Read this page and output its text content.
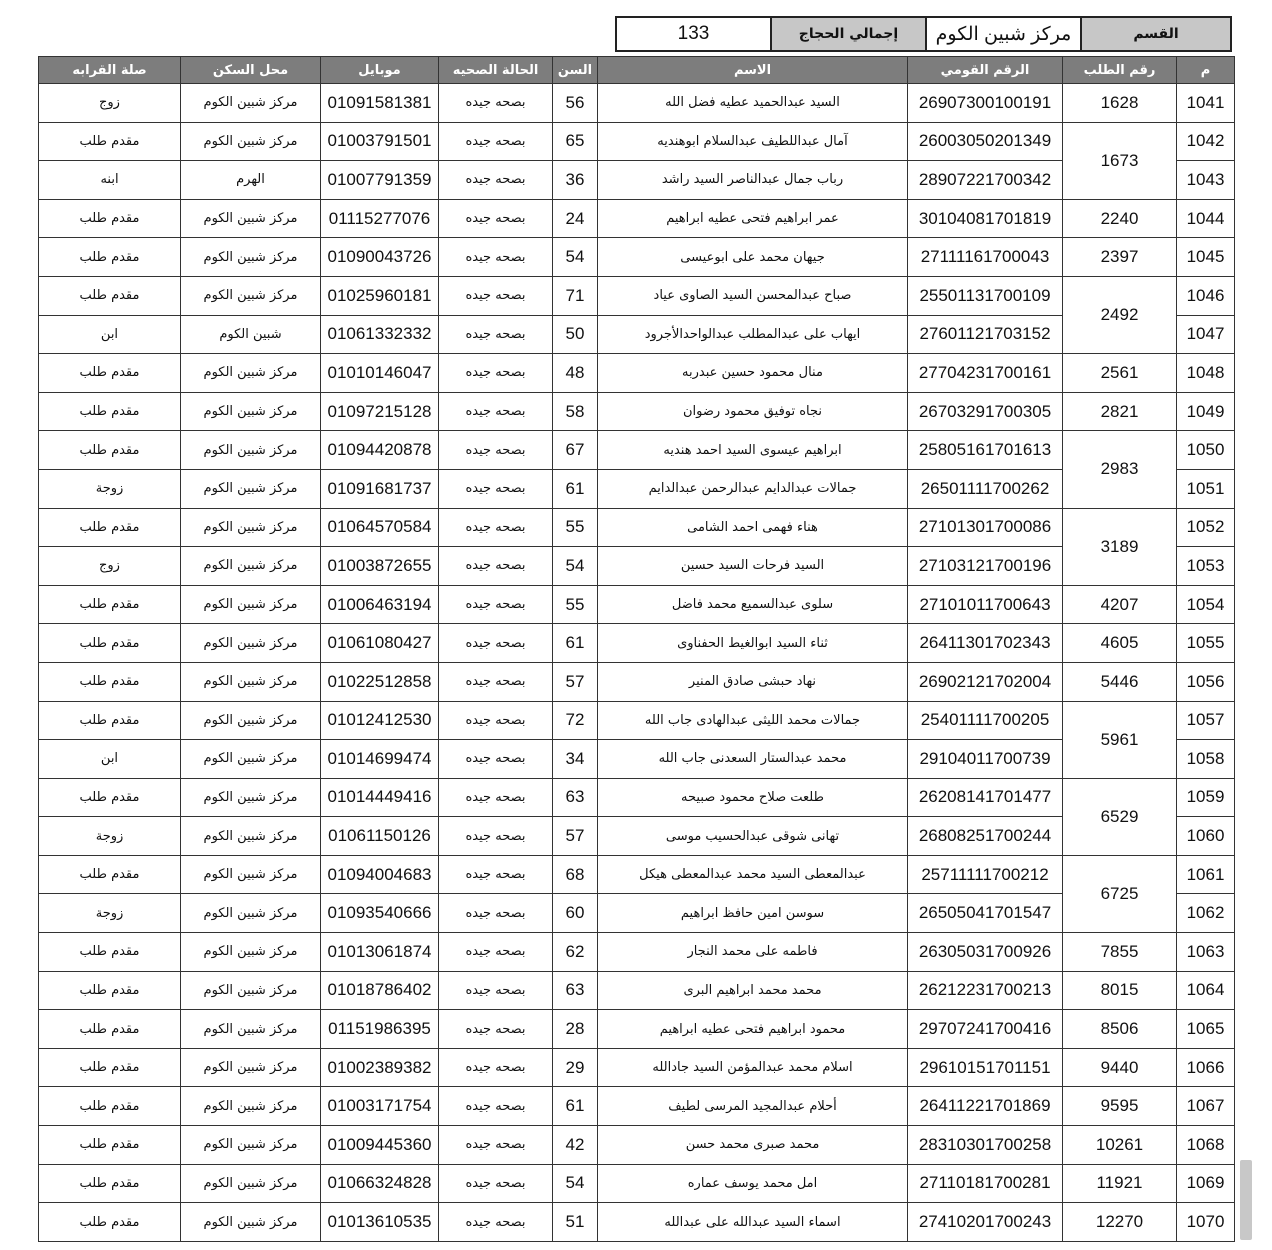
القسم	مركز شبين الكوم	إجمالي الحجاج	133
م	رقم الطلب	الرقم القومي	الاسم	السن	الحالة الصحيه	موبايل	محل السكن	صلة القرابه
1041	1628	26907300100191	السيد عبدالحميد عطيه فضل الله	56	بصحه جيده	01091581381	مركز شبين الكوم	زوج
1042	1673	26003050201349	آمال عبداللطيف عبدالسلام ابوهنديه	65	بصحه جيده	01003791501	مركز شبين الكوم	مقدم طلب
1043		28907221700342	رباب جمال عبدالناصر السيد راشد	36	بصحه جيده	01007791359	الهرم	ابنه
1044	2240	30104081701819	عمر ابراهيم فتحى عطيه ابراهيم	24	بصحه جيده	01115277076	مركز شبين الكوم	مقدم طلب
1045	2397	27111161700043	جيهان محمد على ابوعيسى	54	بصحه جيده	01090043726	مركز شبين الكوم	مقدم طلب
1046	2492	25501131700109	صباح عبدالمحسن السيد الصاوى عياد	71	بصحه جيده	01025960181	مركز شبين الكوم	مقدم طلب
1047		27601121703152	ايهاب على عبدالمطلب عبدالواحدالأجرود	50	بصحه جيده	01061332332	شبين الكوم	ابن
1048	2561	27704231700161	منال محمود حسين عبدربه	48	بصحه جيده	01010146047	مركز شبين الكوم	مقدم طلب
1049	2821	26703291700305	نجاه توفيق محمود رضوان	58	بصحه جيده	01097215128	مركز شبين الكوم	مقدم طلب
1050	2983	25805161701613	ابراهيم عيسوى السيد احمد هنديه	67	بصحه جيده	01094420878	مركز شبين الكوم	مقدم طلب
1051		26501111700262	جمالات عبدالدايم عبدالرحمن عبدالدايم	61	بصحه جيده	01091681737	مركز شبين الكوم	زوجة
1052	3189	27101301700086	هناء فهمى احمد الشامى	55	بصحه جيده	01064570584	مركز شبين الكوم	مقدم طلب
1053		27103121700196	السيد فرحات السيد حسين	54	بصحه جيده	01003872655	مركز شبين الكوم	زوج
1054	4207	27101011700643	سلوى عبدالسميع محمد فاضل	55	بصحه جيده	01006463194	مركز شبين الكوم	مقدم طلب
1055	4605	26411301702343	ثناء السيد ابوالغيط الحفناوى	61	بصحه جيده	01061080427	مركز شبين الكوم	مقدم طلب
1056	5446	26902121702004	نهاد حبشى صادق المنير	57	بصحه جيده	01022512858	مركز شبين الكوم	مقدم طلب
1057	5961	25401111700205	جمالات محمد الليثى عبدالهادى جاب الله	72	بصحه جيده	01012412530	مركز شبين الكوم	مقدم طلب
1058		29104011700739	محمد عبدالستار السعدنى جاب الله	34	بصحه جيده	01014699474	مركز شبين الكوم	ابن
1059	6529	26208141701477	طلعت صلاح محمود صبيحه	63	بصحه جيده	01014449416	مركز شبين الكوم	مقدم طلب
1060		26808251700244	تهانى شوقى عبدالحسيب موسى	57	بصحه جيده	01061150126	مركز شبين الكوم	زوجة
1061	6725	25711111700212	عبدالمعطى السيد محمد عبدالمعطى هيكل	68	بصحه جيده	01094004683	مركز شبين الكوم	مقدم طلب
1062		26505041701547	سوسن امين حافظ ابراهيم	60	بصحه جيده	01093540666	مركز شبين الكوم	زوجة
1063	7855	26305031700926	فاطمه على محمد النجار	62	بصحه جيده	01013061874	مركز شبين الكوم	مقدم طلب
1064	8015	26212231700213	محمد محمد ابراهيم البرى	63	بصحه جيده	01018786402	مركز شبين الكوم	مقدم طلب
1065	8506	29707241700416	محمود ابراهيم فتحى عطيه ابراهيم	28	بصحه جيده	01151986395	مركز شبين الكوم	مقدم طلب
1066	9440	29610151701151	اسلام محمد عبدالمؤمن السيد جادالله	29	بصحه جيده	01002389382	مركز شبين الكوم	مقدم طلب
1067	9595	26411221701869	أحلام عبدالمجيد المرسى لطيف	61	بصحه جيده	01003171754	مركز شبين الكوم	مقدم طلب
1068	10261	28310301700258	محمد صبرى محمد حسن	42	بصحه جيده	01009445360	مركز شبين الكوم	مقدم طلب
1069	11921	27110181700281	امل محمد يوسف عماره	54	بصحه جيده	01066324828	مركز شبين الكوم	مقدم طلب
1070	12270	27410201700243	اسماء السيد عبدالله على عبدالله	51	بصحه جيده	01013610535	مركز شبين الكوم	مقدم طلب
